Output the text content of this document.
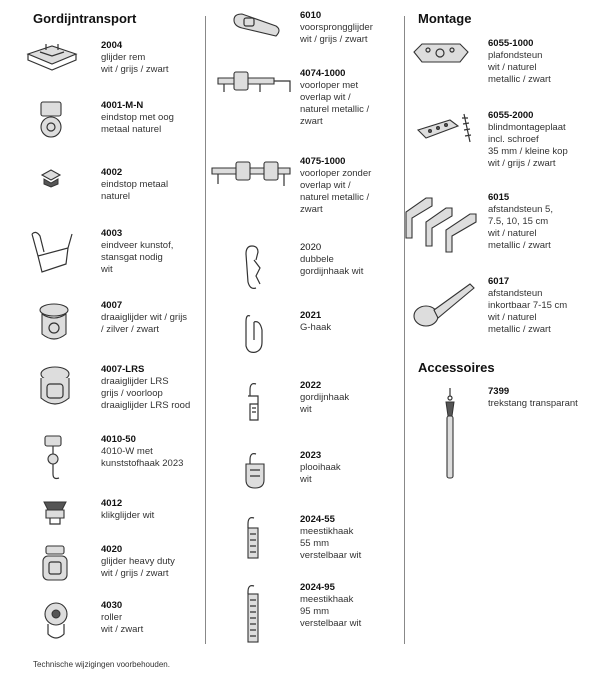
Gordijntransport
2004
glijder rem
wit / grijs / zwart
4001-M-N
eindstop met oog
metaal naturel
4002
eindstop metaal
naturel
4003
eindveer kunstof,
stansgat nodig
wit
4007
draaiglijder wit / grijs
/ zilver / zwart
4007-LRS
draaiglijder LRS
grijs / voorloop
draaiglijder LRS rood
4010-50
4010-W met
kunststofhaak 2023
4012
klikglijder wit
4020
glijder heavy duty
wit / grijs / zwart
4030
roller
wit / zwart
6010
voorsprongglijder
wit / grijs / zwart
4074-1000
voorloper met
overlap wit /
naturel metallic /
zwart
4075-1000
voorloper zonder
overlap wit /
naturel metallic /
zwart
2020
dubbele
gordijnhaak wit
2021
G-haak
2022
gordijnhaak
wit
2023
plooihaak
wit
2024-55
meestikhaak
55 mm
verstelbaar wit
2024-95
meestikhaak
95 mm
verstelbaar wit
Montage
6055-1000
plafondsteun
wit / naturel
metallic / zwart
6055-2000
blindmontageplaat
incl. schroef
35 mm / kleine kop
wit / grijs / zwart
6015
afstandsteun 5,
7.5, 10, 15 cm
wit / naturel
metallic / zwart
6017
afstandsteun
inkortbaar 7-15 cm
wit / naturel
metallic / zwart
Accessoires
7399
trekstang transparant
Technische wijzigingen voorbehouden.
